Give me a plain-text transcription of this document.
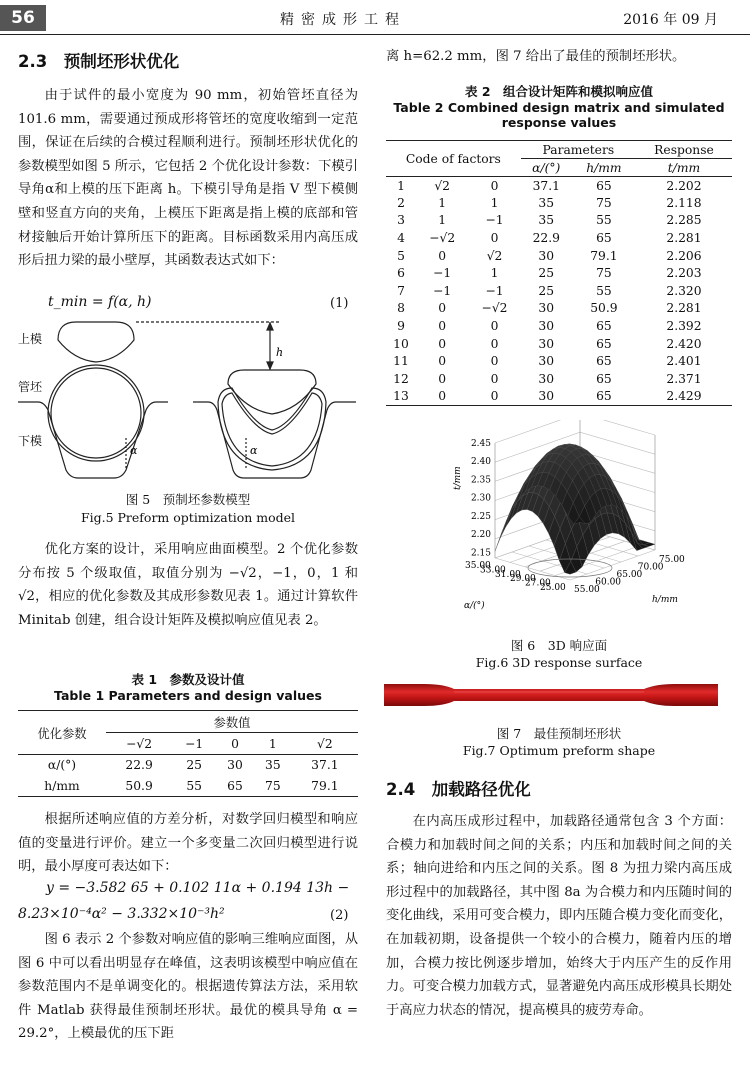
56	精密成形工程	2016 年 09 月
2.3　预制坯形状优化

由于试件的最小宽度为 90 mm，初始管坯直径为 101.6 mm，需要通过预成形将管坯的宽度收缩到一定范围，保证在后续的合模过程顺利进行。预制坯形状优化的参数模型如图 5 所示，它包括 2 个优化设计参数：下模引导角α和上模的压下距离 h。下模引导角是指 V 型下模侧壁和竖直方向的夹角，上模压下距离是指上模的底部和管材接触后开始计算所压下的距离。目标函数采用内高压成形后扭力梁的最小壁厚，其函数表达式如下：

t_min = f(α, h)	(1)
h
α	α
上模
管坯
下模
图 5　预制坯参数模型
Fig.5 Preform optimization model

优化方案的设计，采用响应曲面模型。2 个优化参数分布按 5 个级取值，取值分别为 −√2，−1，0，1 和 √2，相应的优化参数及其成形参数见表 1。通过计算软件 Minitab 创建，组合设计矩阵及模拟响应值见表 2。

表 1　参数及设计值
Table 1 Parameters and design values
优化参数	参数值				
	−√2	−1	0	1	√2
α/(°)	22.9	25	30	35	37.1
h/mm	50.9	55	65	75	79.1

根据所述响应值的方差分析，对数学回归模型和响应值的变量进行评价。建立一个多变量二次回归模型进行说明，最小厚度可表达如下：

y = −3.582 65 + 0.102 11α + 0.194 13h −
8.23×10⁻⁴α² − 3.332×10⁻³h²	(2)

图 6 表示 2 个参数对响应值的影响三维响应面图，从图 6 中可以看出明显存在峰值，这表明该模型中响应值在参数范围内不是单调变化的。根据遗传算法方法，采用软件 Matlab 获得最佳预制坯形状。最优的模具导角 α = 29.2°，上模最优的压下距

离 h=62.2 mm，图 7 给出了最佳的预制坯形状。
表 2　组合设计矩阵和模拟响应值
Table 2 Combined design matrix and simulated response values
Code of factors			Parameters		Response
			α/(°)	h/mm	t/mm
1	√2	0	37.1	65	2.202
2	1	1	35	75	2.118
3	1	−1	35	55	2.285
4	−√2	0	22.9	65	2.281
5	0	√2	30	79.1	2.206
6	−1	1	25	75	2.203
7	−1	−1	25	55	2.320
8	0	−√2	30	50.9	2.281
9	0	0	30	65	2.392
10	0	0	30	65	2.420
11	0	0	30	65	2.401
12	0	0	30	65	2.371
13	0	0	30	65	2.429
2.45
2.40
2.35
2.30
2.25
2.20
2.15
t/mm
35.00
33.00
31.00
29.00
27.00
25.00
α/(°)
75.00
70.00
65.00
60.00
55.00
h/mm
图 6　3D 响应面
Fig.6 3D response surface
图 7　最佳预制坯形状
Fig.7 Optimum preform shape
2.4　加载路径优化

在内高压成形过程中，加载路径通常包含 3 个方面：合模力和加载时间之间的关系；内压和加载时间之间的关系；轴向进给和内压之间的关系。图 8 为扭力梁内高压成形过程中的加载路径，其中图 8a 为合模力和内压随时间的变化曲线，采用可变合模力，即内压随合模力变化而变化，在加载初期，设备提供一个较小的合模力，随着内压的增加，合模力按比例逐步增加，始终大于内压产生的反作用力。可变合模力加载方式，显著避免内高压成形模具长期处于高应力状态的情况，提高模具的疲劳寿命。
